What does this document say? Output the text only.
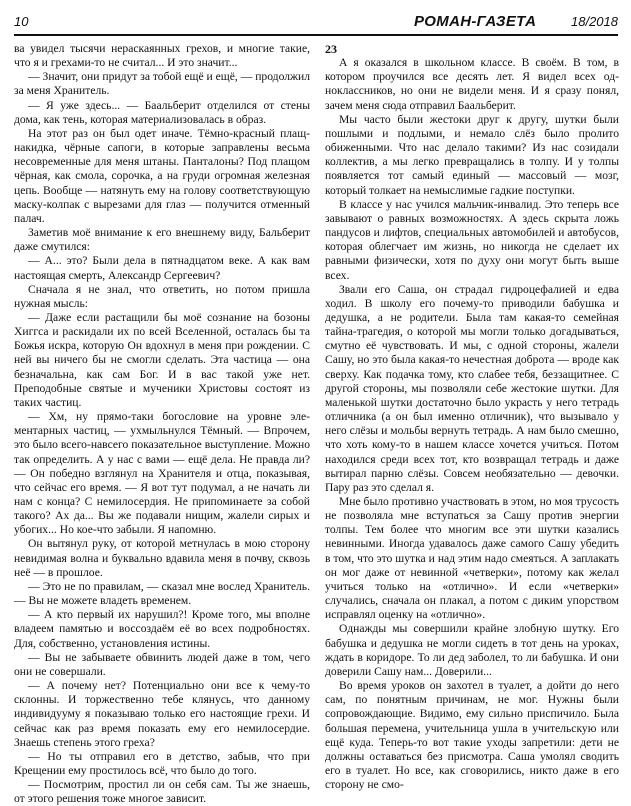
10	РОМАН-ГАЗЕТА	18/2018

ва увидел тысячи нераскаянных грехов, и многие такие, что я и грехами-то не считал... И это значит...

— Значит, они придут за тобой ещё и ещё, — продолжил за меня Хранитель.

— Я уже здесь... — Баальберит отделился от стены дома, как тень, которая материализовалась в образ.

На этот раз он был одет иначе. Тёмно-красный плащ-накидка, чёрные сапоги, в которые заправлены весьма несовременные для меня штаны. Панталоны? Под плащом чёрная, как смола, сорочка, а на груди огромная железная цепь. Вообще — натянуть ему на голову соответствующую маску-колпак с вырезами для глаз — получится отменный палач.

Заметив моё внимание к его внешнему виду, Бальберит даже смутился:

— А... это? Были дела в пятнадцатом веке. А как вам настоящая смерть, Александр Сергеевич?

Сначала я не знал, что ответить, но потом пришла нужная мысль:

— Даже если растащили бы моё сознание на бозоны Хиггса и раскидали их по всей Вселенной, осталась бы та Божья искра, которую Он вдохнул в меня при рождении. С ней вы ничего бы не смогли сделать. Эта частица — она безначальна, как сам Бог. И в вас такой уже нет. Преподобные святые и мученики Христовы состоят из таких частиц.

— Хм, ну прямо-таки богословие на уровне элементарных частиц, — ухмыльнулся Тёмный. — Впрочем, это было всего-навсего показательное выступление. Можно так определить. А у нас с вами — ещё дела. Не правда ли? — Он победно взглянул на Хранителя и отца, показывая, что сейчас его время. — Я вот тут подумал, а не начать ли нам с конца? С немилосердия. Не припоминаете за собой такого? Ах да... Вы же подавали нищим, жалели сирых и убогих... Но кое-что забыли. Я напомню.

Он вытянул руку, от которой метнулась в мою сторону невидимая волна и буквально вдавила меня в почву, сквозь неё — в прошлое.

— Это не по правилам, — сказал мне вослед Хранитель. — Вы не можете владеть временем.

— А кто первый их нарушил?! Кроме того, мы вполне владеем памятью и воссоздаём её во всех подробностях. Для, собственно, установления истины.

— Вы не забываете обвинить людей даже в том, чего они не совершали.

— А почему нет? Потенциально они все к чему-то склонны. И торжественно тебе клянусь, что данному индивидууму я показываю только его настоящие грехи. И сейчас как раз время показать ему его немилосердие. Знаешь степень этого греха?

— Но ты отправил его в детство, забыв, что при Крещении ему простилось всё, что было до того.

— Посмотрим, простил ли он себя сам. Ты же знаешь, от этого решения тоже многое зависит.

23

А я оказался в школьном классе. В своём. В том, в котором проучился все десять лет. Я видел всех одноклассников, но они не видели меня. И я сразу понял, зачем меня сюда отправил Баальберит.

Мы часто были жестоки друг к другу, шутки были пошлыми и подлыми, и немало слёз было пролито обиженными. Что нас делало такими? Из нас созидали коллектив, а мы легко превращались в толпу. И у толпы появляется тот самый единый — массовый — мозг, который толкает на немыслимые гадкие поступки.

В классе у нас учился мальчик-инвалид. Это теперь все завывают о равных возможностях. А здесь скрыта ложь пандусов и лифтов, специальных автомобилей и автобусов, которая облегчает им жизнь, но никогда не сделает их равными физически, хотя по духу они могут быть выше всех.

Звали его Саша, он страдал гидроцефалией и едва ходил. В школу его почему-то приводили бабушка и дедушка, а не родители. Была там какая-то семейная тайна-трагедия, о которой мы могли только догадываться, смутно её чувствовать. И мы, с одной стороны, жалели Сашу, но это была какая-то нечестная доброта — вроде как сверху. Как подачка тому, кто слабее тебя, беззащитнее. С другой стороны, мы позволяли себе жестокие шутки. Для маленькой шутки достаточно было украсть у него тетрадь отличника (а он был именно отличник), что вызывало у него слёзы и мольбы вернуть тетрадь. А нам было смешно, что хоть кому-то в нашем классе хочется учиться. Потом находился среди всех тот, кто возвращал тетрадь и даже вытирал парню слёзы. Совсем необязательно — девочки. Пару раз это сделал я.

Мне было противно участвовать в этом, но моя трусость не позволяла мне вступаться за Сашу против энергии толпы. Тем более что многим все эти шутки казались невинными. Иногда удавалось даже самого Сашу убедить в том, что это шутка и над этим надо смеяться. А заплакать он мог даже от невинной «четверки», потому как желал учиться только на «отлично». И если «четверки» случались, сначала он плакал, а потом с диким упорством исправлял оценку на «отлично».

Однажды мы совершили крайне злобную шутку. Его бабушка и дедушка не могли сидеть в тот день на уроках, ждать в коридоре. То ли дед заболел, то ли бабушка. И они доверили Сашу нам... Доверили...

Во время уроков он захотел в туалет, а дойти до него сам, по понятным причинам, не мог. Нужны были сопровождающие. Видимо, ему сильно приспичило. Была большая перемена, учительница ушла в учительскую или ещё куда. Теперь-то вот такие уходы запретили: дети не должны оставаться без присмотра. Саша умолял сводить его в туалет. Но все, как сговорились, никто даже в его сторону не смо-
